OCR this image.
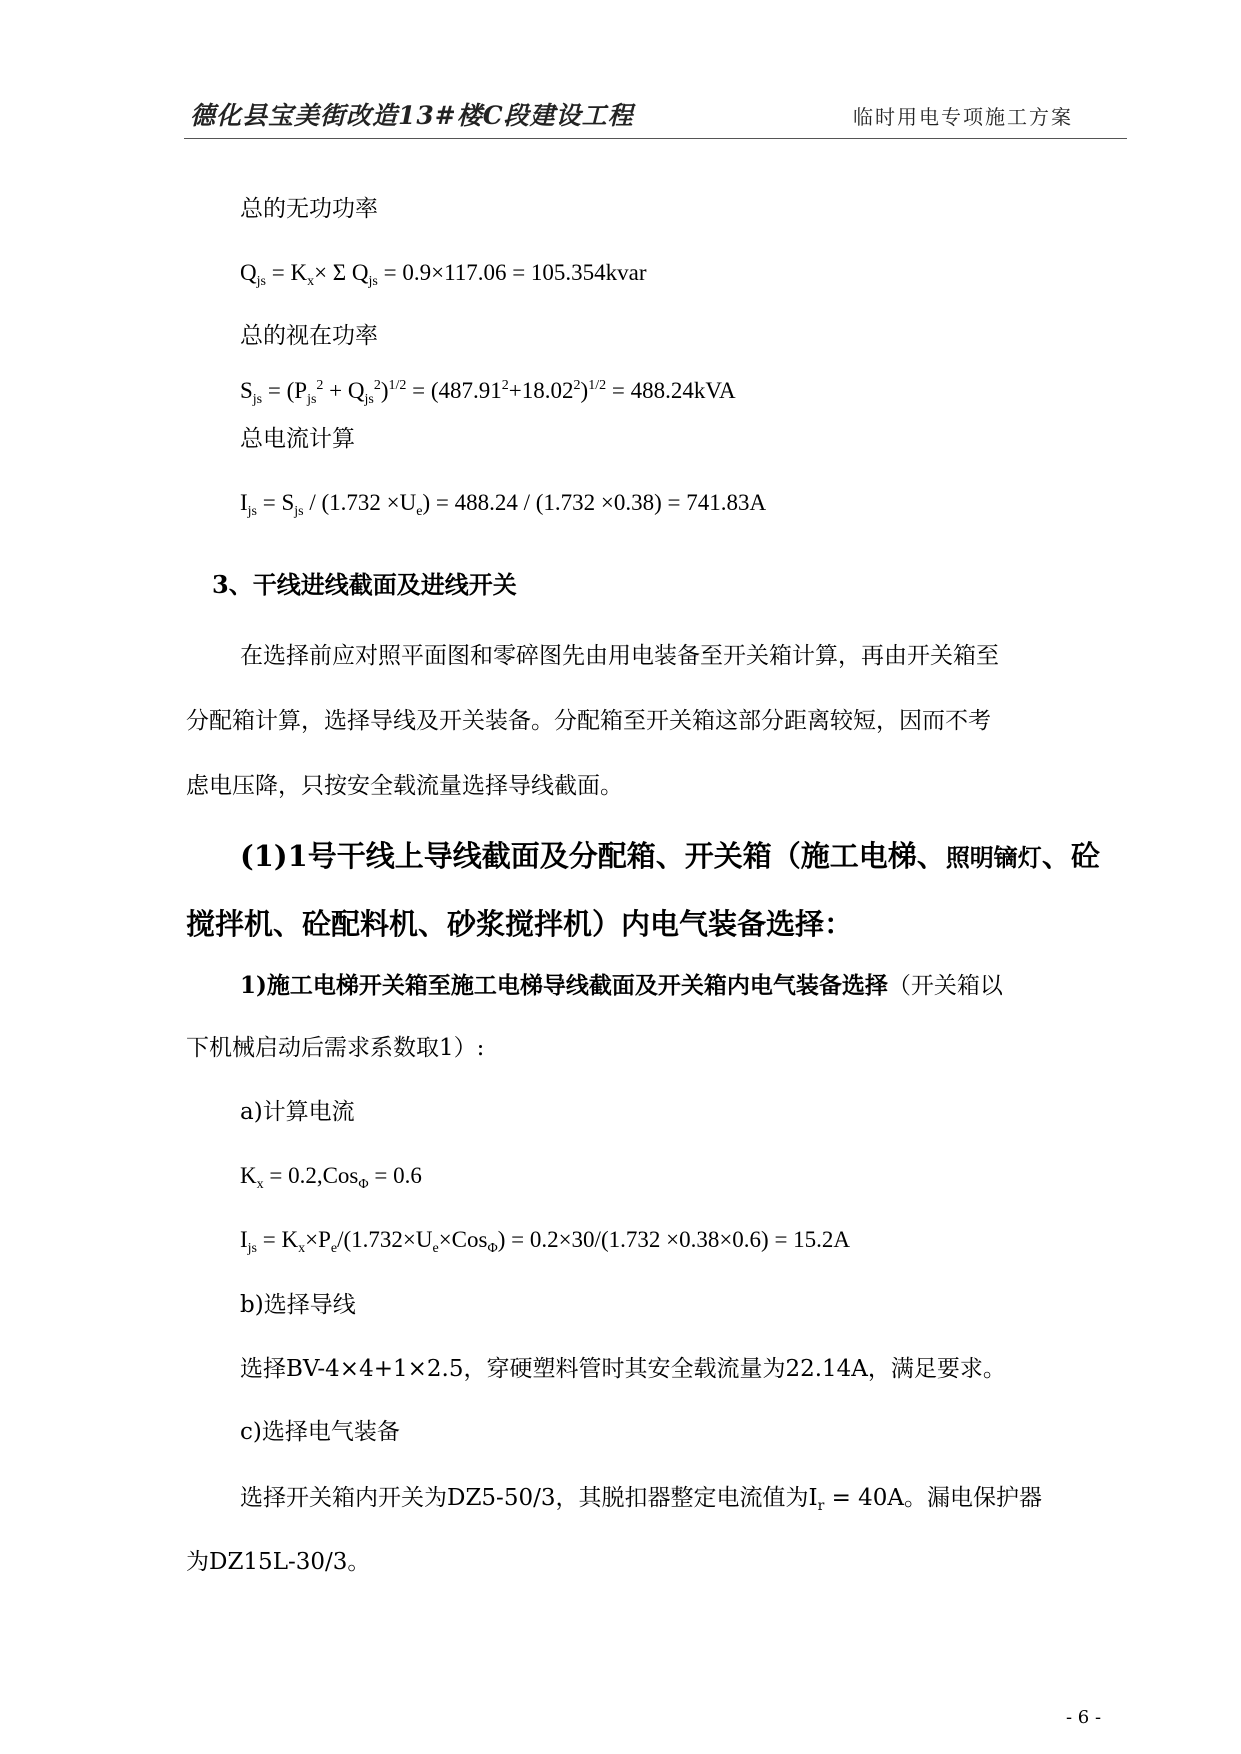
德化县宝美街改造13#楼C段建设工程	临时用电专项施工方案
总的无功功率
$Q_{js} = K_x\times \Sigma$ $Q_{js} = 0.9\times 117.06$ = 105.354kvar
总的视在功率
$S_{js} = (P_{js}^2 + Q_{js}^2)^{1/2} = (487.91^2+18.02^2)^{1/2} = 488.24kVA$
总电流计算
$I_{js} = S_{js} / (1.732 \times U_e) = 488.24 / (1.732 \times 0.38) = 741.83A$
3、干线进线截面及进线开关
在选择前应对照平面图和零碎图先由用电装备至开关箱计算，再由开关箱至
分配箱计算，选择导线及开关装备。分配箱至开关箱这部分距离较短，因而不考
虑电压降，只按安全载流量选择导线截面。
(1)1号干线上导线截面及分配箱、开关箱（施工电梯、照明镝灯、砼
搅拌机、砼配料机、砂浆搅拌机）内电气装备选择：
1)施工电梯开关箱至施工电梯导线截面及开关箱内电气装备选择（开关箱以
下机械启动后需求系数取1）:
a)计算电流
$K_x = 0.2,Cos_\Phi = 0.6$
$I_{js} = K_x\times P_e/(1.732\times U_e\times Cos_\Phi) = 0.2\times 30/(1.732 \times 0.38\times 0.6) = 15.2A$
b)选择导线
选择BV-4×4+1×2.5，穿硬塑料管时其安全载流量为22.14A，满足要求。
c)选择电气装备
选择开关箱内开关为DZ5-50/3，其脱扣器整定电流值为$I_r = 40A$。漏电保护器
为DZ15L-30/3。
- 6 -
